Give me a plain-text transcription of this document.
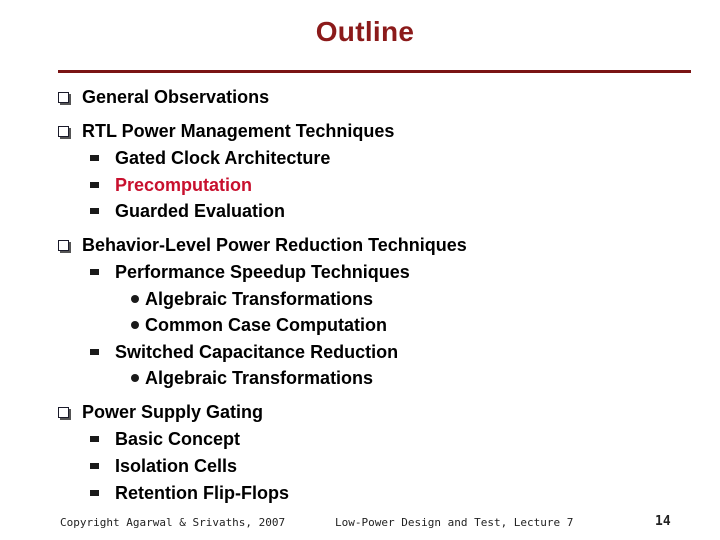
Outline
General Observations
RTL Power Management Techniques
Gated Clock Architecture
Precomputation
Guarded Evaluation
Behavior-Level Power Reduction Techniques
Performance Speedup Techniques
Algebraic Transformations
Common Case Computation
Switched Capacitance Reduction
Algebraic Transformations
Power Supply Gating
Basic Concept
Isolation Cells
Retention Flip-Flops
Copyright Agarwal & Srivaths, 2007	Low-Power Design and Test, Lecture 7	14
